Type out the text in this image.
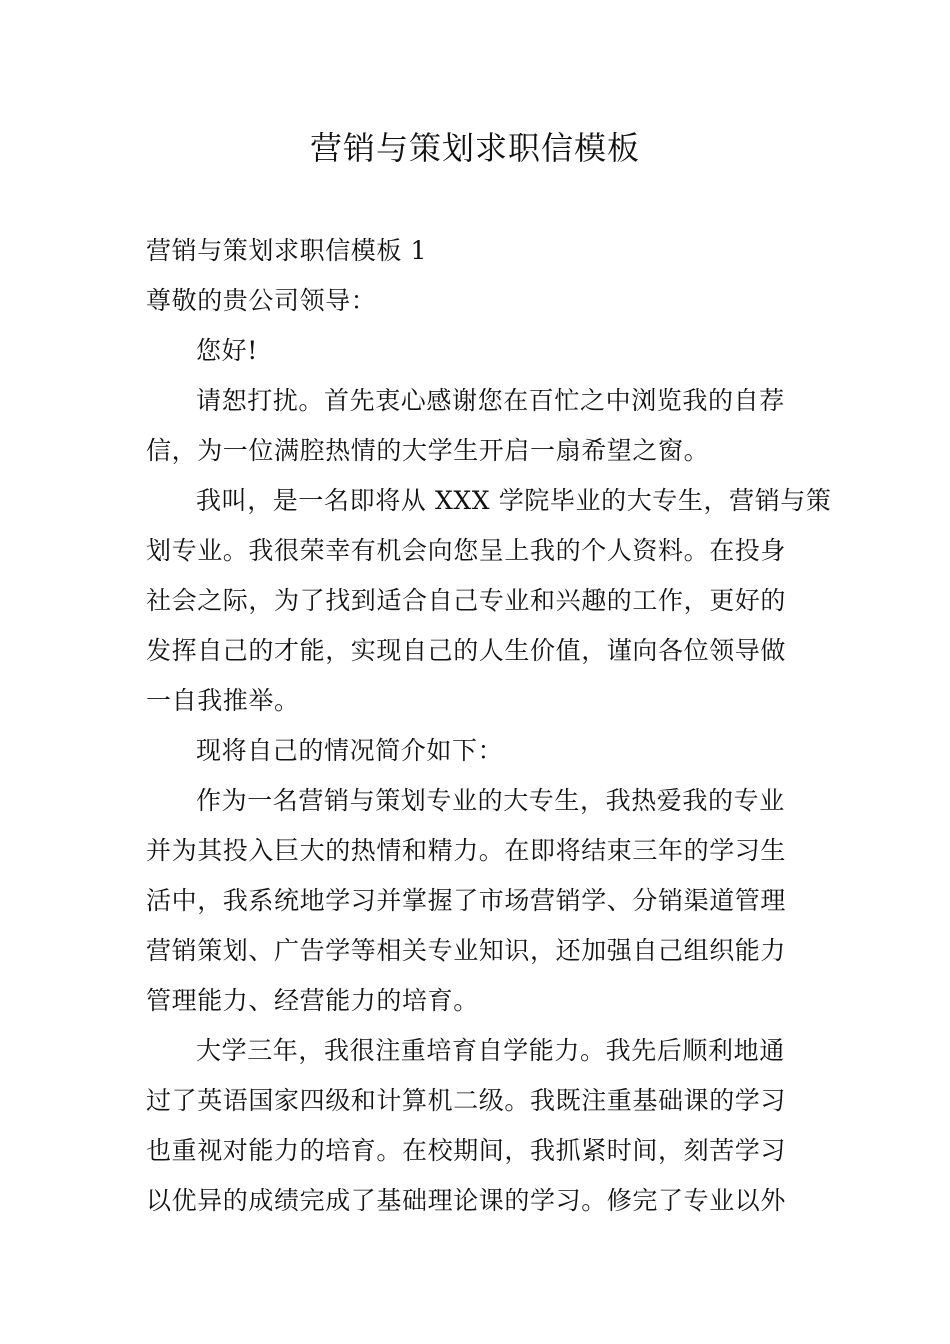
营销与策划求职信模板

营销与策划求职信模板 1

尊敬的贵公司领导：

您好!

请恕打扰。首先衷心感谢您在百忙之中浏览我的自荐

信，为一位满腔热情的大学生开启一扇希望之窗。

我叫，是一名即将从 XXX 学院毕业的大专生，营销与策

划专业。我很荣幸有机会向您呈上我的个人资料。在投身

社会之际，为了找到适合自己专业和兴趣的工作，更好的

发挥自己的才能，实现自己的人生价值，谨向各位领导做

一自我推举。

现将自己的情况简介如下：

作为一名营销与策划专业的大专生，我热爱我的专业

并为其投入巨大的热情和精力。在即将结束三年的学习生

活中，我系统地学习并掌握了市场营销学、分销渠道管理

营销策划、广告学等相关专业知识，还加强自己组织能力

管理能力、经营能力的培育。

大学三年，我很注重培育自学能力。我先后顺利地通

过了英语国家四级和计算机二级。我既注重基础课的学习

也重视对能力的培育。在校期间，我抓紧时间，刻苦学习

以优异的成绩完成了基础理论课的学习。修完了专业以外
